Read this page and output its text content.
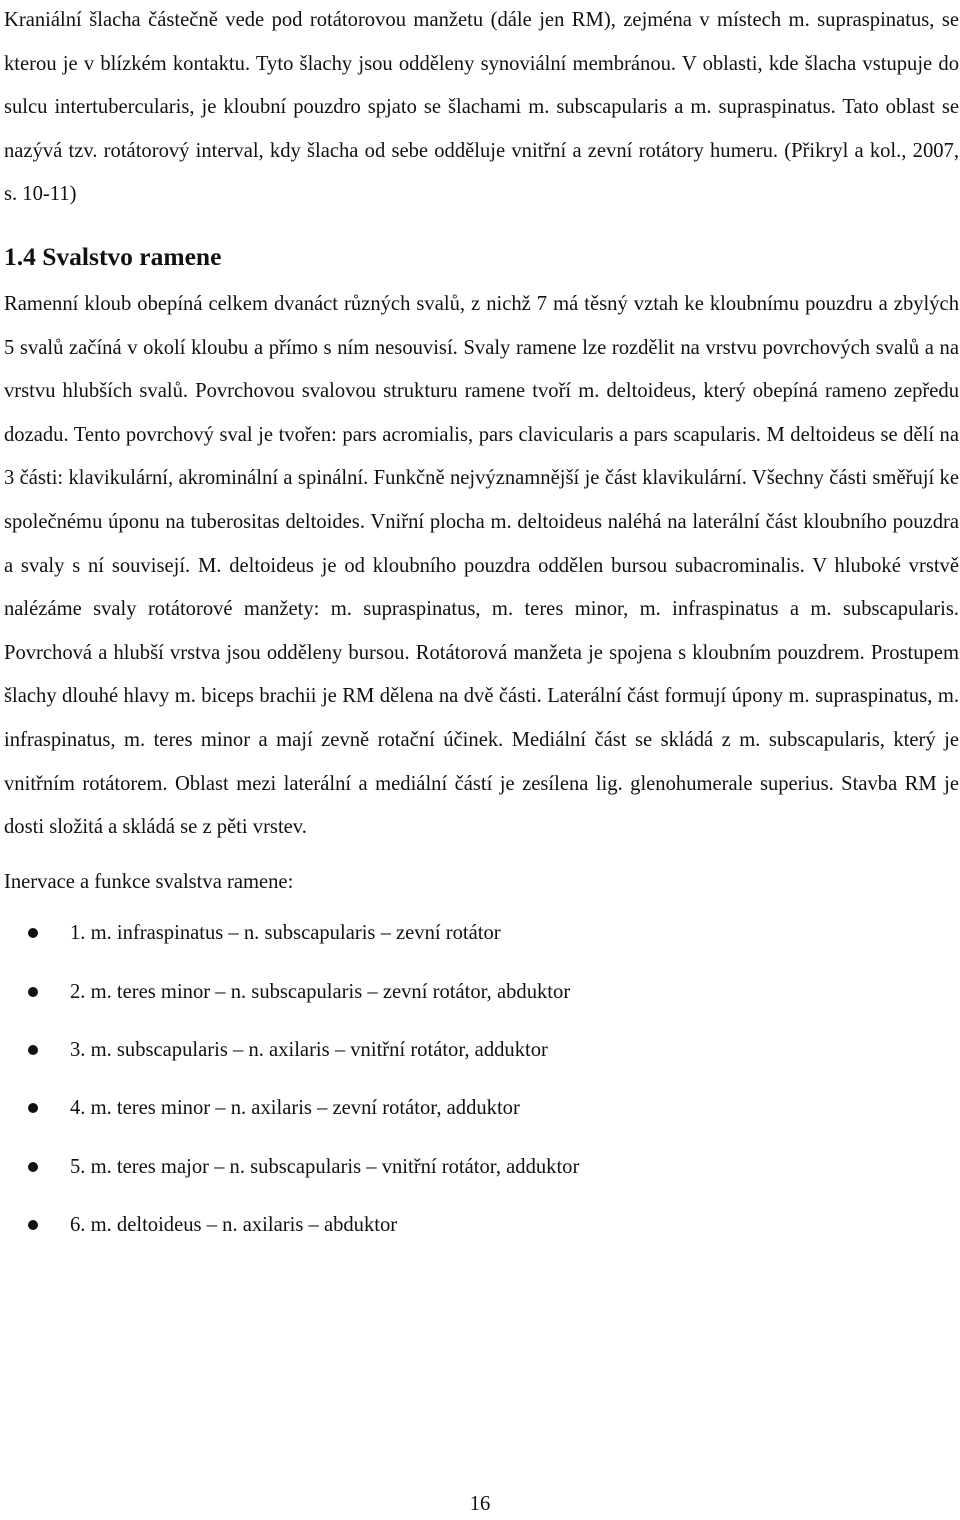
Kraniální šlacha částečně vede pod rotátorovou manžetu (dále jen RM), zejména v místech m. supraspinatus, se kterou je v blízkém kontaktu. Tyto šlachy jsou odděleny synoviální membránou. V oblasti, kde šlacha vstupuje do sulcu intertubercularis, je kloubní pouzdro spjato se šlachami m. subscapularis a m. supraspinatus. Tato oblast se nazývá tzv. rotátorový interval, kdy šlacha od sebe odděluje vnitřní a zevní rotátory humeru. (Přikryl a kol., 2007, s. 10-11)

1.4 Svalstvo ramene

Ramenní kloub obepíná celkem dvanáct různých svalů, z nichž 7 má těsný vztah ke kloubnímu pouzdru a zbylých 5 svalů začíná v okolí kloubu a přímo s ním nesouvisí. Svaly ramene lze rozdělit na vrstvu povrchových svalů a na vrstvu hlubších svalů. Povrchovou svalovou strukturu ramene tvoří m. deltoideus, který obepíná rameno zepředu dozadu. Tento povrchový sval je tvořen: pars acromialis, pars clavicularis a pars scapularis. M deltoideus se dělí na 3 části: klavikulární, akrominální a spinální. Funkčně nejvýznamnější je část klavikulární. Všechny části směřují ke společnému úponu na tuberositas deltoides. Vniřní plocha m. deltoideus naléhá na laterální část kloubního pouzdra a svaly s ní souvisejí. M. deltoideus je od kloubního pouzdra oddělen bursou subacrominalis. V hluboké vrstvě nalézáme svaly rotátorové manžety: m. supraspinatus, m. teres minor, m. infraspinatus a m. subscapularis. Povrchová a hlubší vrstva jsou odděleny bursou. Rotátorová manžeta je spojena s kloubním pouzdrem. Prostupem šlachy dlouhé hlavy m. biceps brachii je RM dělena na dvě části. Laterální část formují úpony m. supraspinatus, m. infraspinatus, m. teres minor a mají zevně rotační účinek. Mediální část se skládá z m. subscapularis, který je vnitřním rotátorem. Oblast mezi laterální a mediální částí je zesílena lig. glenohumerale superius. Stavba RM je dosti složitá a skládá se z pěti vrstev.

Inervace a funkce svalstva ramene:

1. m. infraspinatus – n. subscapularis – zevní rotátor
2. m. teres minor – n. subscapularis – zevní rotátor, abduktor
3. m. subscapularis – n. axilaris – vnitřní rotátor, adduktor
4. m. teres minor – n. axilaris – zevní rotátor, adduktor
5. m. teres major – n. subscapularis – vnitřní rotátor, adduktor
6. m. deltoideus – n. axilaris – abduktor
16
